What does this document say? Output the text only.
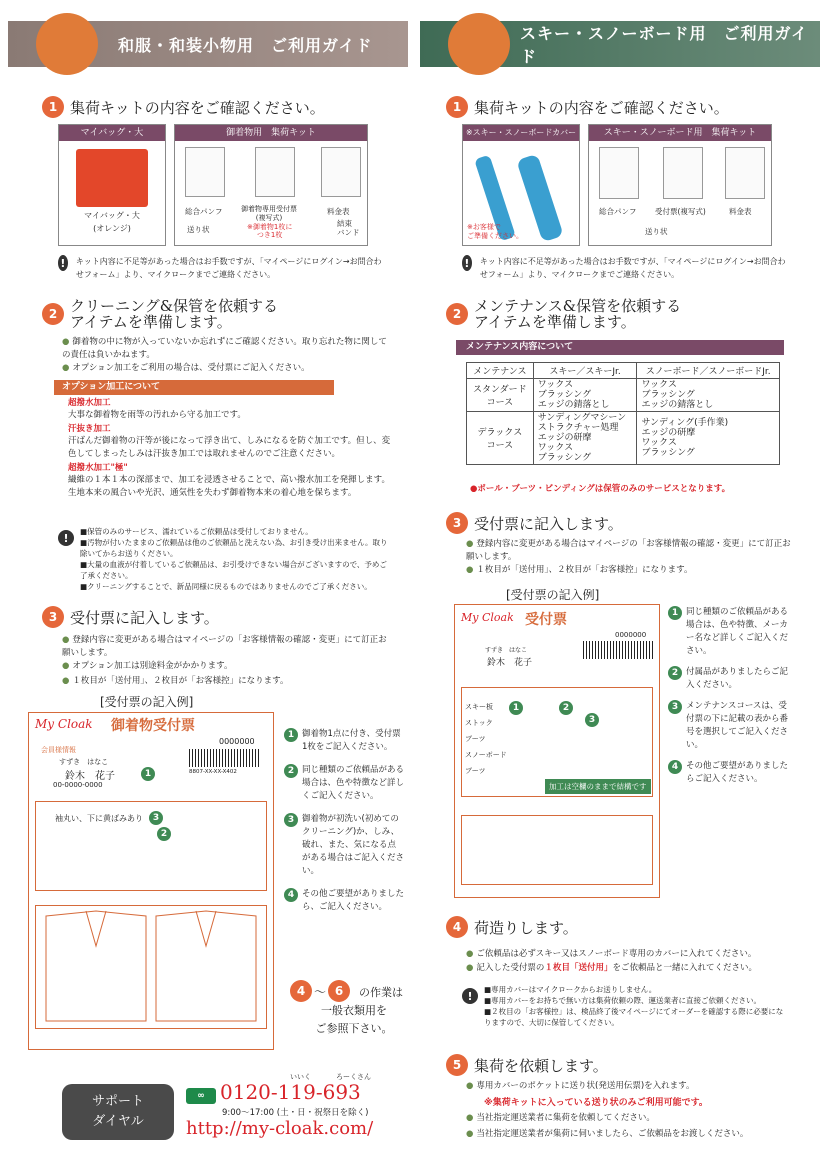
和服・和装小物用　ご利用ガイド
スキー・スノーボード用　ご利用ガイド
1 集荷キットの内容をご確認ください。
マイバッグ・大
マイバッグ・大
(オレンジ)
御着物用　集荷キット
総合パンフ	御着物専用受付票
(複写式)
※御着物1枚に
つき1枚
料金表
送り状
結束
バンド
!	キット内容に不足等があった場合はお手数ですが、「マイページにログイン→お問合わせフォーム」より、マイクロークまでご連絡ください。
2 クリーニング&保管を依頼する
アイテムを準備します。
● 御着物の中に物が入っていないか忘れずにご確認ください。取り忘れた物に関しての責任は負いかねます。
● オプション加工をご利用の場合は、受付票にご記入ください。
オプション加工について
超撥水加工
大事な御着物を雨等の汚れから守る加工です。
汗抜き加工
汗ばんだ御着物の汗等が後になって浮き出て、しみになるを防ぐ加工です。但し、変色してしまったしみは汗抜き加工では取れませんのでご注意ください。
超撥水加工"極"
繊維の１本１本の深部まで、加工を浸透させることで、高い撥水加工を発揮します。生地本来の風合いや光沢、通気性を失わず御着物本来の着心地を保ちます。
!	■保管のみのサービス、濡れているご依頼品は受付しておりません。
■汚物が付いたままのご依頼品は他のご依頼品と洗えない為、お引き受け出来ません。取り除いてからお送りください。
■大量の血液が付着しているご依頼品は、お引受けできない場合がございますので、予めご了承ください。
■クリーニングすることで、新品同様に戻るものではありませんのでご了承ください。
3 受付票に記入します。
● 登録内容に変更がある場合はマイページの「お客様情報の確認・変更」にて訂正お願いします。
● オプション加工は別途料金がかかります。
● １枚目が「送付用」、２枚目が「お客様控」になります。
[受付票の記入例]
My Cloak 御着物受付票
0000000
会員様情報
すずき　はなこ
鈴木　花子
00-0000-0000
8807-XX-XX-X402
1
袖丸い、下に黄ばみあり	3
2
1 御着物1点に付き、受付票1枚をご記入ください。
2 同じ種類のご依頼品がある場合は、色や特徴など詳しくご記入ください。
3 御着物が初洗い(初めてのクリーニング)か、しみ、破れ、また、気になる点がある場合はご記入ください。
4 その他ご要望がありましたら、ご記入ください。
4 〜 6	の作業は
一般衣類用を
ご参照下さい。
サポート
ダイヤル
∞
いいく	ろーくさん
0120-119-693
9:00〜17:00 (土・日・祝祭日を除く)
http://my-cloak.com/
1 集荷キットの内容をご確認ください。
※スキー・スノーボードカバー
※お客様で
ご準備ください。
スキー・スノーボード用　集荷キット
総合パンフ 受付票(複写式)	料金表
送り状
!	キット内容に不足等があった場合はお手数ですが、「マイページにログイン→お問合わせフォーム」より、マイクロークまでご連絡ください。
2 メンテナンス&保管を依頼する
アイテムを準備します。
メンテナンス内容について
メンテナンス	スキー／スキーJr.	スノーボード／スノーボードJr.
スタンダード
コース	ワックス
ブラッシング
エッジの錆落とし	ワックス
ブラッシング
エッジの錆落とし
デラックス
コース	サンディングマシーン
ストラクチャー処理
エッジの研摩
ワックス
ブラッシング	サンディング(手作業)
エッジの研摩
ワックス
ブラッシング
●ポール・ブーツ・ビンディングは保管のみのサービスとなります。
3 受付票に記入します。
● 登録内容に変更がある場合はマイページの「お客様情報の確認・変更」にて訂正お願いします。
● １枚目が「送付用」、２枚目が「お客様控」になります。
[受付票の記入例]
My Cloak 受付票
0000000
すずき　はなこ
鈴木　花子
スキー板
ストック
ブーツ
スノーボード
ブーツ
1	2
3
加工は空欄のままで結構です
1 同じ種類のご依頼品がある場合は、色や特徴、メーカー名など詳しくご記入ください。
2 付属品がありましたらご記入ください。
3 メンテナンスコースは、受付票の下に記載の表から番号を選択してご記入ください。
4 その他ご要望がありましたらご記入ください。
4 荷造りします。
● ご依頼品は必ずスキー又はスノーボード専用のカバーに入れてください。
● 記入した受付票の１枚目「送付用」をご依頼品と一緒に入れてください。
!	■専用カバーはマイクロークからお送りしません。
■専用カバーをお持ちで無い方は集荷依頼の際、運送業者に直接ご依頼ください。
■２枚目の「お客様控」は、検品終了後マイページにてオーダーを確認する際に必要になりますので、大切に保管してください。
5 集荷を依頼します。
● 専用カバーのポケットに送り状(発送用伝票)を入れます。
※集荷キットに入っている送り状のみご利用可能です。
● 当社指定運送業者に集荷を依頼してください。
● 当社指定運送業者が集荷に伺いましたら、ご依頼品をお渡しください。
